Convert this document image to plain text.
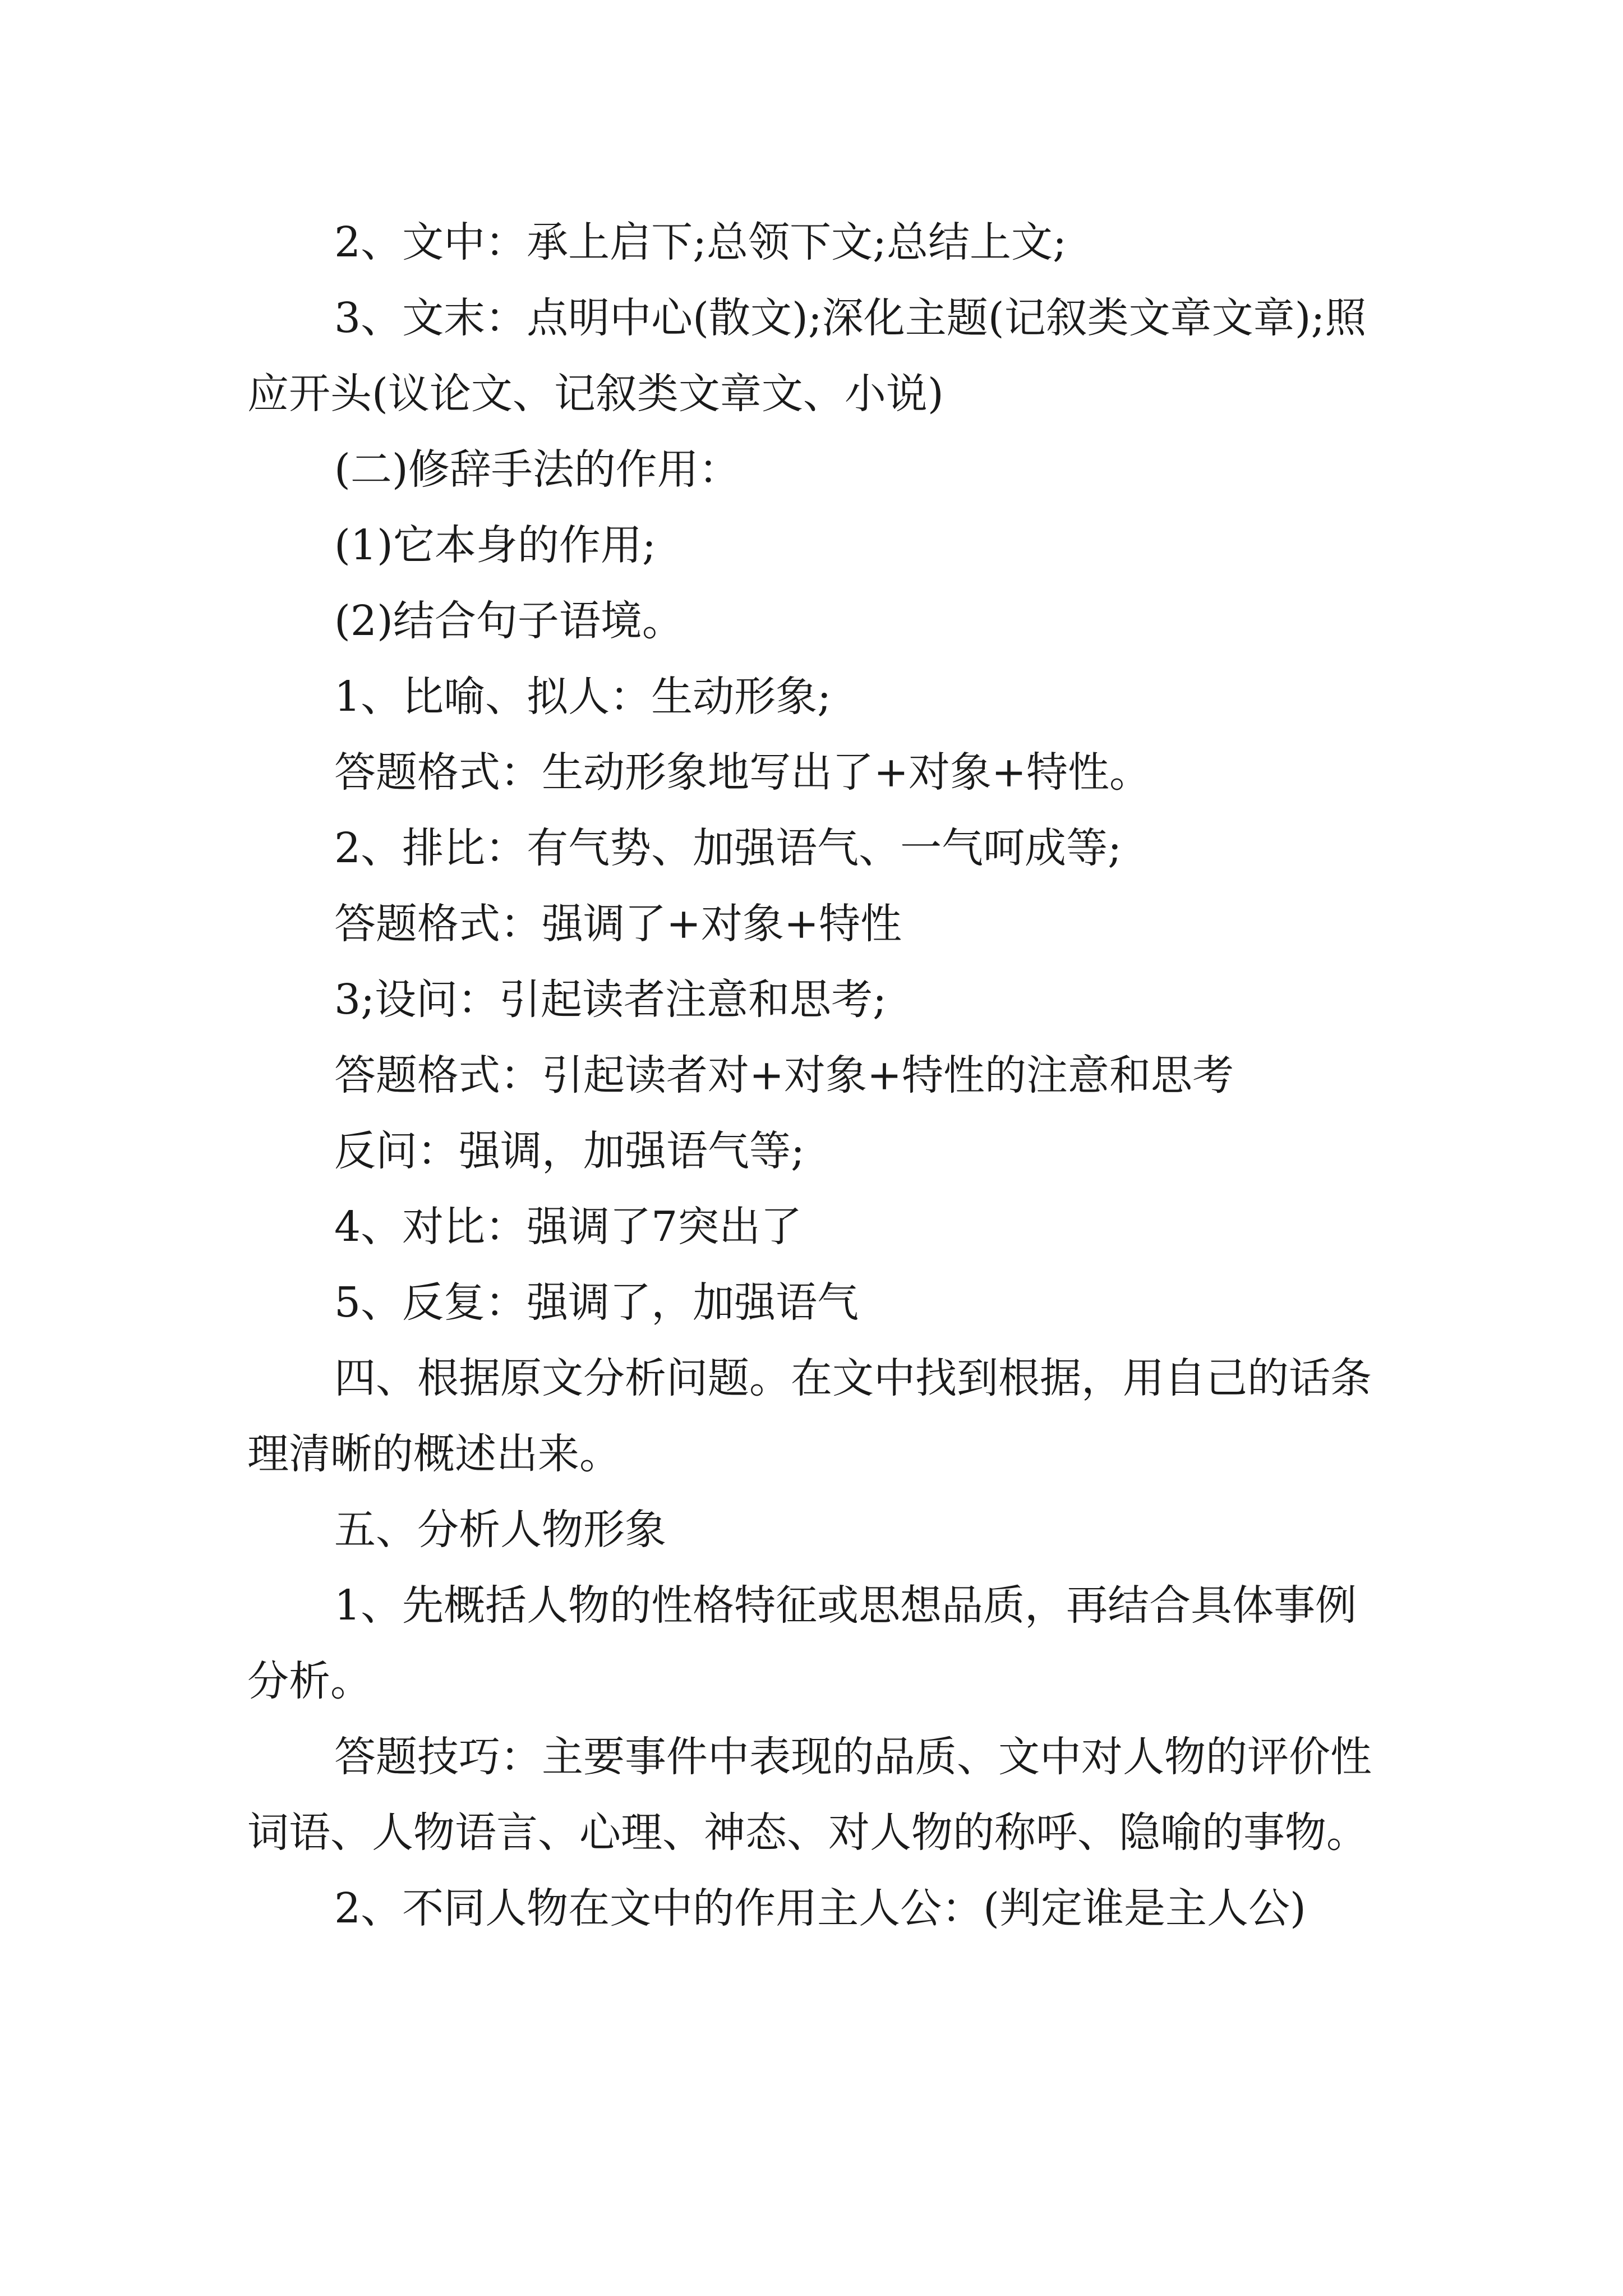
2、文中：承上启下;总领下文;总结上文;

3、文末：点明中心(散文);深化主题(记叙类文章文章);照应开头(议论文、记叙类文章文、小说)

(二)修辞手法的作用：

(1)它本身的作用;

(2)结合句子语境。

1、比喻、拟人：生动形象;

答题格式：生动形象地写出了+对象+特性。

2、排比：有气势、加强语气、一气呵成等;

答题格式：强调了+对象+特性

3;设问：引起读者注意和思考;

答题格式：引起读者对+对象+特性的注意和思考

反问：强调，加强语气等;

4、对比：强调了7突出了

5、反复：强调了，加强语气

四、根据原文分析问题。在文中找到根据，用自己的话条理清晰的概述出来。

五、分析人物形象

1、先概括人物的性格特征或思想品质，再结合具体事例分析。

答题技巧：主要事件中表现的品质、文中对人物的评价性词语、人物语言、心理、神态、对人物的称呼、隐喻的事物。

2、不同人物在文中的作用主人公：(判定谁是主人公)
